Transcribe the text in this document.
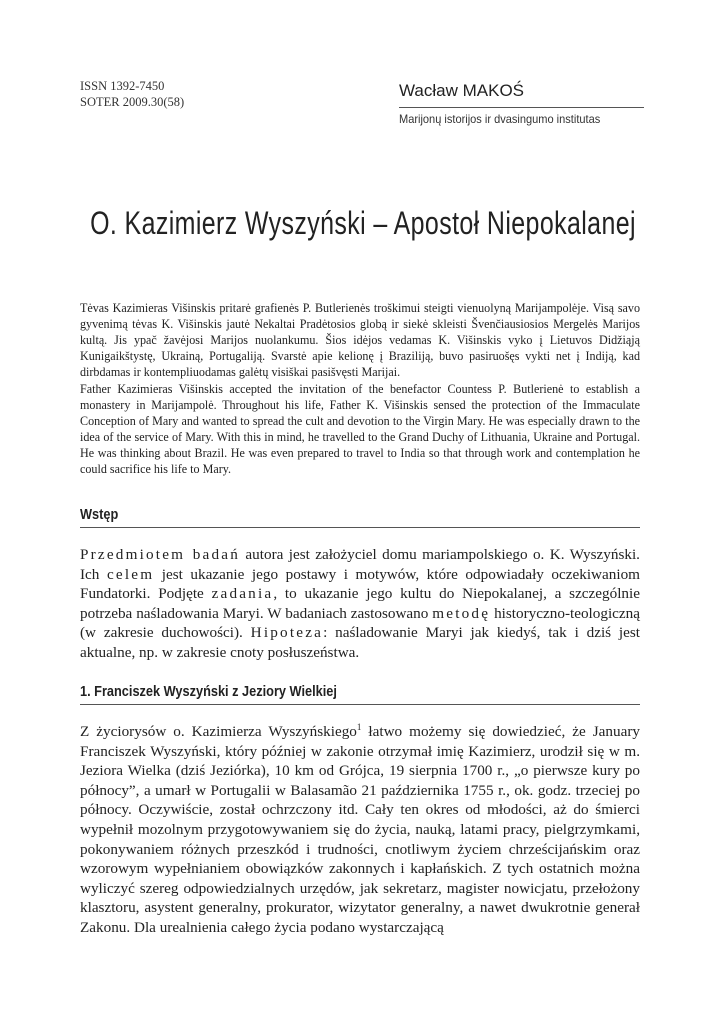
ISSN 1392-7450
SOTER 2009.30(58)

Wacław MAKOŚ

Marijonų istorijos ir dvasingumo institutas
O. Kazimierz Wyszyński – Apostoł Niepokalanej

Tėvas Kazimieras Višinskis pritarė grafienės P. Butlerienės troškimui steigti vienuolyną Marijampolėje. Visą savo gyvenimą tėvas K. Višinskis jautė Nekaltai Pradėtosios globą ir siekė skleisti Švenčiausiosios Mergelės Marijos kultą. Jis ypač žavėjosi Marijos nuolankumu. Šios idėjos vedamas K. Višinskis vyko į Lietuvos Didžiąją Kunigaikštystę, Ukrainą, Portugaliją. Svarstė apie kelionę į Braziliją, buvo pasiruošęs vykti net į Indiją, kad dirbdamas ir kontempliuodamas galėtų visiškai pasišvęsti Marijai.

Father Kazimieras Višinskis accepted the invitation of the benefactor Countess P. Butlerienė to establish a monastery in Marijampolė. Throughout his life, Father K. Višinskis sensed the protection of the Immaculate Conception of Mary and wanted to spread the cult and devotion to the Virgin Mary. He was especially drawn to the idea of the service of Mary. With this in mind, he travelled to the Grand Duchy of Lithuania, Ukraine and Portugal. He was thinking about Brazil. He was even prepared to travel to India so that through work and contemplation he could sacrifice his life to Mary.

Wstęp

Przedmiotem badań autora jest założyciel domu mariampolskiego o. K. Wyszyński. Ich celem jest ukazanie jego postawy i motywów, które odpowiadały oczekiwaniom Fundatorki. Podjęte zadania, to ukazanie jego kultu do Niepokalanej, a szczególnie potrzeba naśladowania Maryi. W badaniach zastosowano metodę historyczno-teologiczną (w zakresie duchowości). Hipoteza: naśladowanie Maryi jak kiedyś, tak i dziś jest aktualne, np. w zakresie cnoty posłuszeństwa.

1. Franciszek Wyszyński z Jeziory Wielkiej

Z życiorysów o. Kazimierza Wyszyńskiego$^1$ łatwo możemy się dowiedzieć, że January Franciszek Wyszyński, który później w zakonie otrzymał imię Kazimierz, urodził się w m. Jeziora Wielka (dziś Jeziórka), 10 km od Grójca, 19 sierpnia 1700 r., „o pierwsze kury po północy”, a umarł w Portugalii w Balasamão 21 października 1755 r., ok. godz. trzeciej po północy. Oczywiście, został ochrzczony itd. Cały ten okres od młodości, aż do śmierci wypełnił mozolnym przygotowywaniem się do życia, nauką, latami pracy, pielgrzymkami, pokonywaniem różnych przeszkód i trudności, cnotliwym życiem chrześcijańskim oraz wzorowym wypełnianiem obowiązków zakonnych i kapłańskich. Z tych ostatnich można wyliczyć szereg odpowiedzialnych urzędów, jak sekretarz, magister nowicjatu, przełożony klasztoru, asystent generalny, prokurator, wizytator generalny, a nawet dwukrotnie generał Zakonu. Dla urealnienia całego życia podano wystarczającą
